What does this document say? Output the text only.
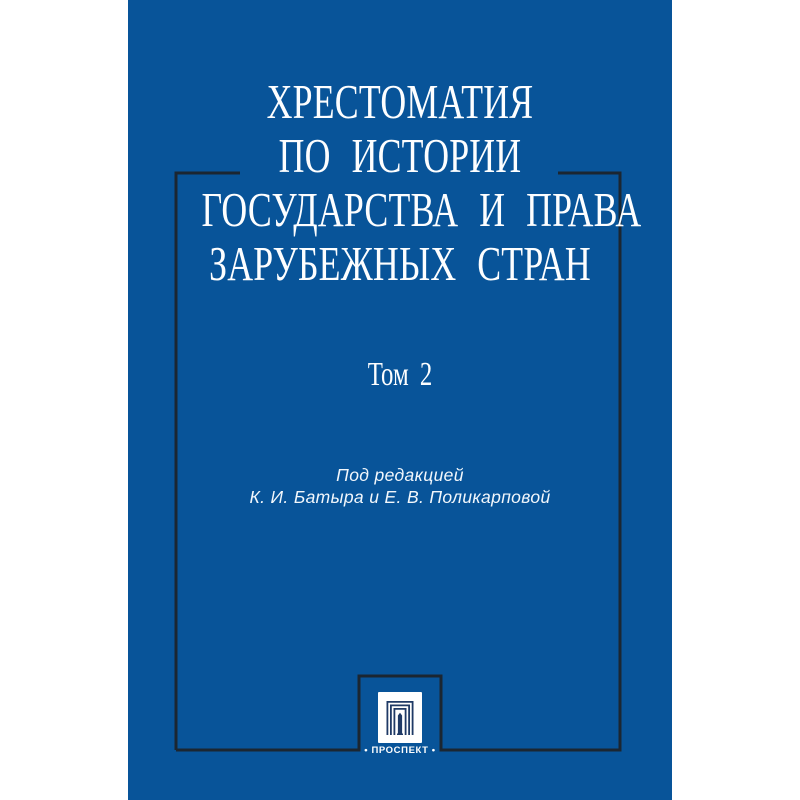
ХРЕСТОМАТИЯ
ПО ИСТОРИИ
ГОСУДАРСТВА И ПРАВА
ЗАРУБЕЖНЫХ СТРАН
Том 2
Под редакцией
К. И. Батыра и Е. В. Поликарповой
• ПРОСПЕКТ •
